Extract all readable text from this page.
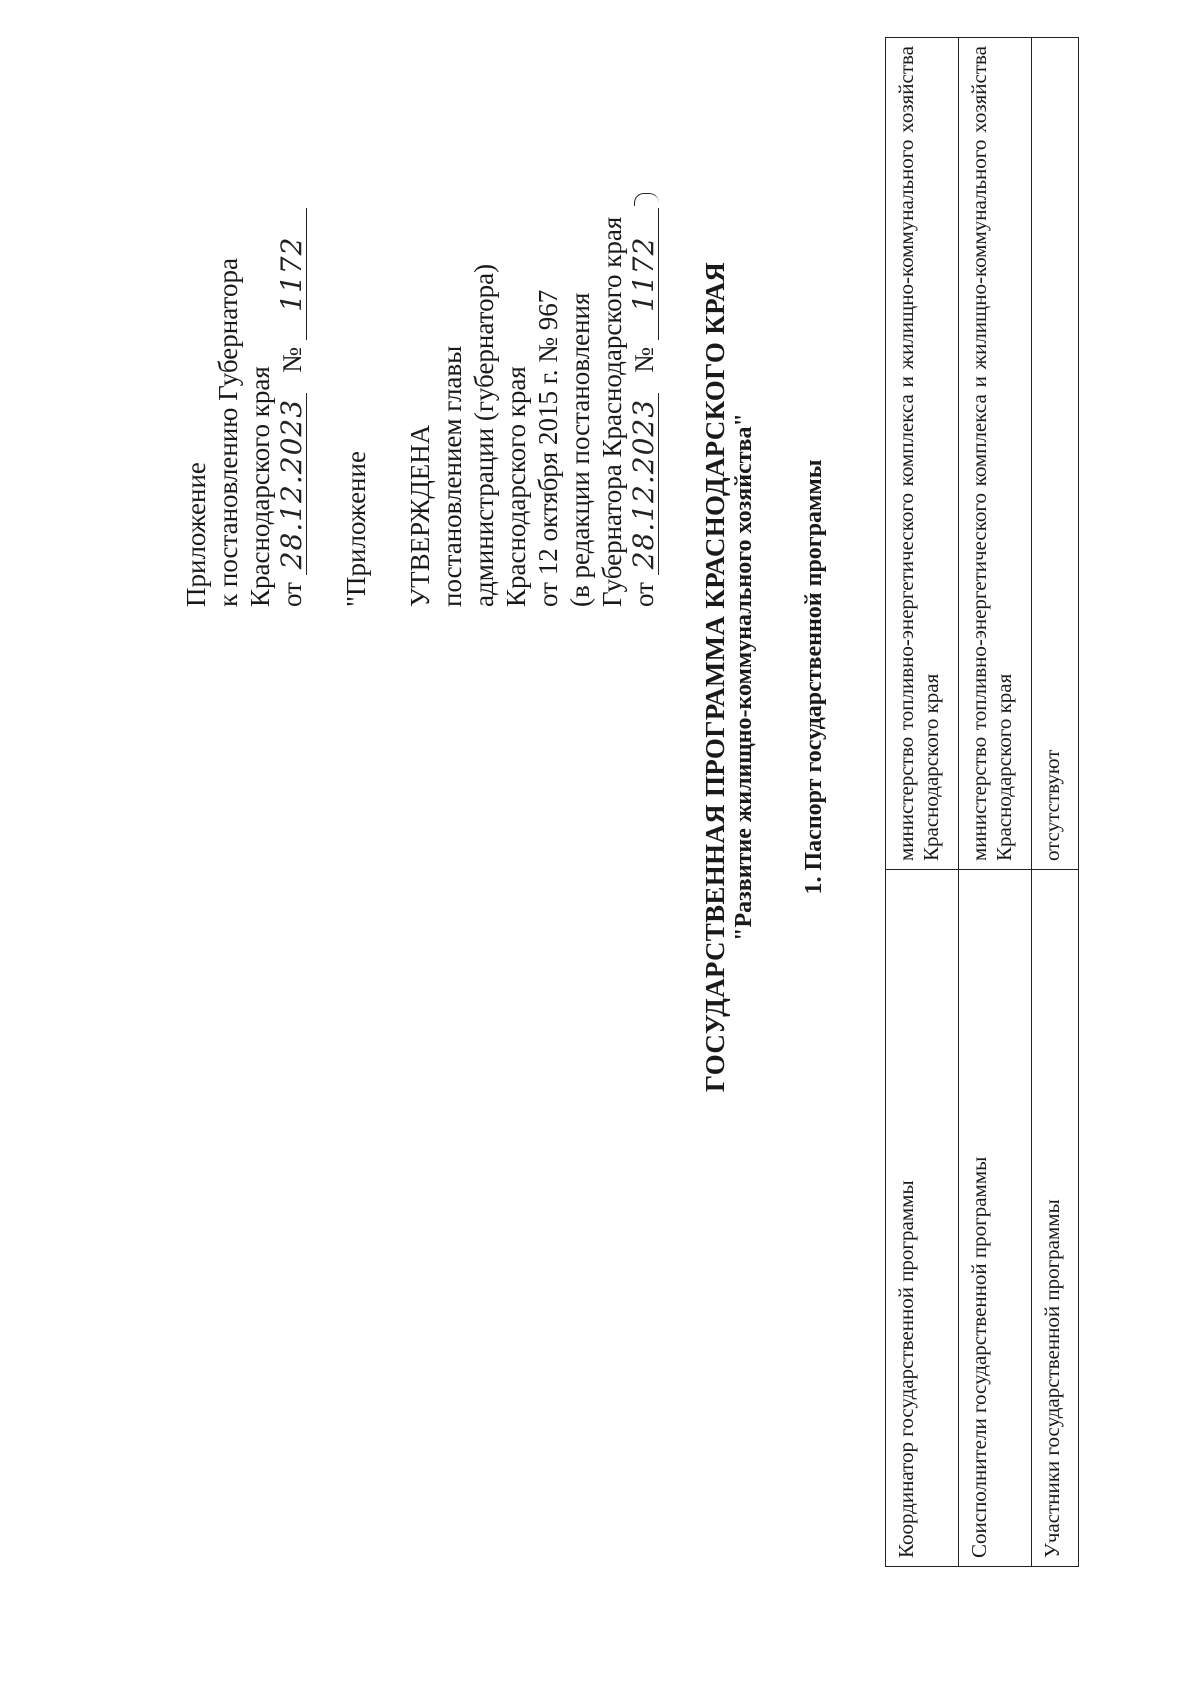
Приложение к постановлению Губернатора Краснодарского края от 28.12.2023   № 1172
"Приложение УТВЕРЖДЕНА постановлением главы администрации (губернатора) Краснодарского края от 12 октября 2015 г. № 967 (в редакции постановления Губернатора Краснодарского края от 28.12.2023   № 1172 ГОСУДАРСТВЕННАЯ ПРОГРАММА КРАСНОДАРСКОГО КРАЯ "Развитие жилищно-коммунального хозяйства" 1. Паспорт государственной программы
Координатор государственной программы	министерство топливно-энергетического комплекса и жилищно-коммунального хозяйства Краснодарского края
Соисполнители государственной программы	министерство топливно-энергетического комплекса и жилищно-коммунального хозяйства Краснодарского края
Участники государственной программы	отсутствуют
